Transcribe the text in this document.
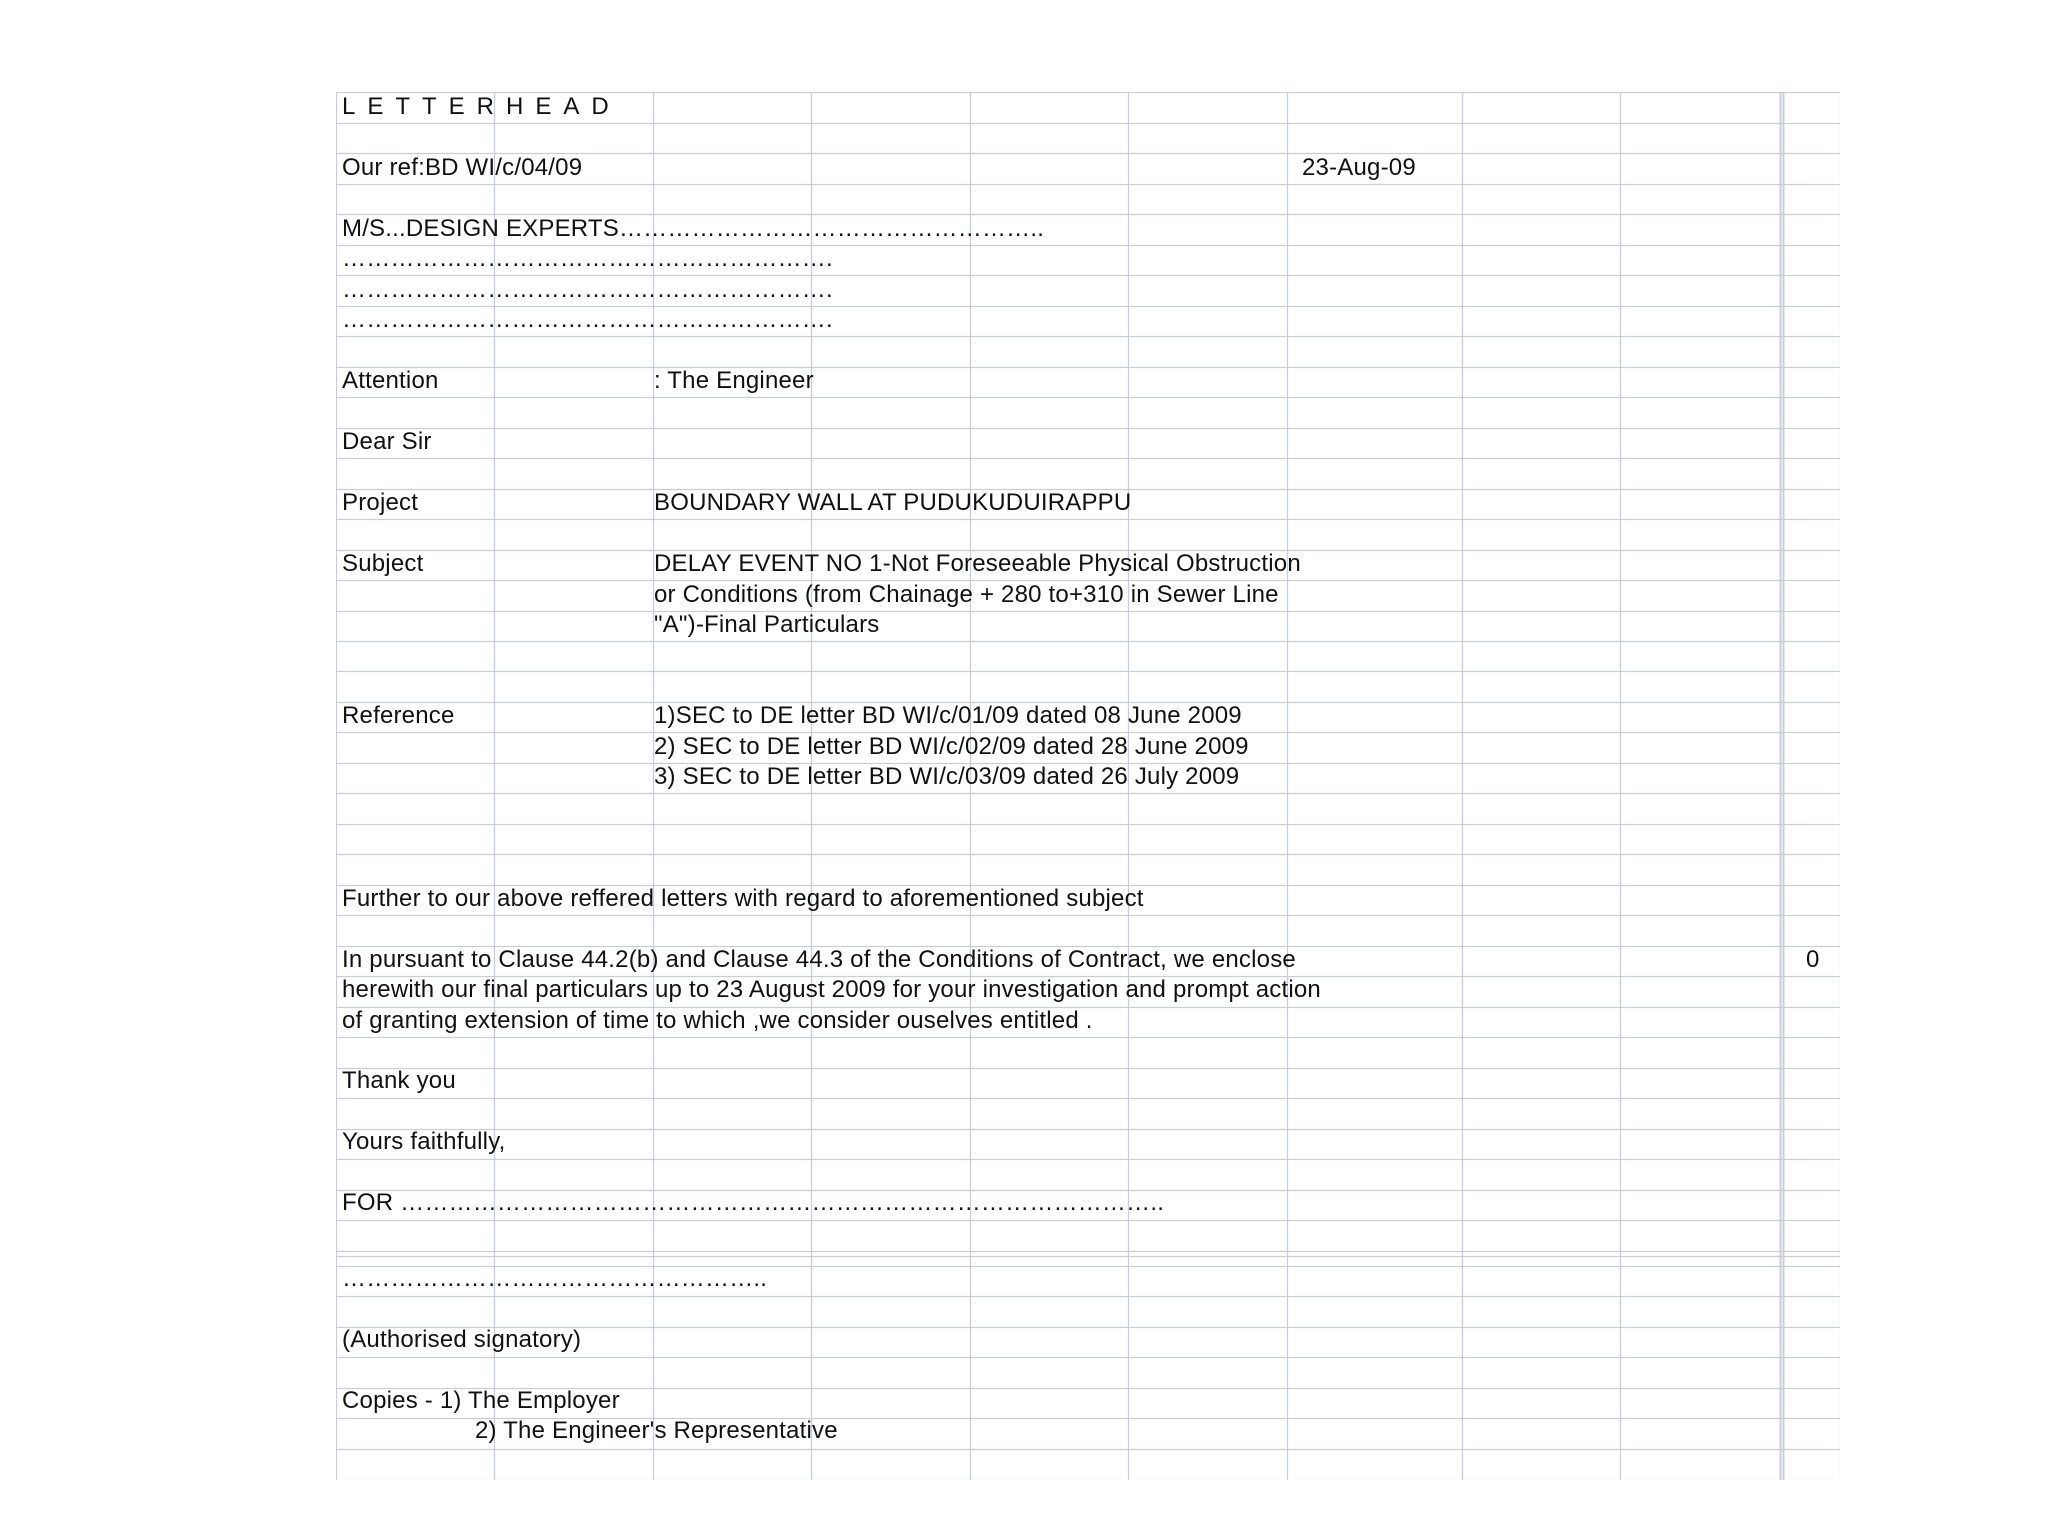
LETTERHEAD
Our ref:BD WI/c/04/09	23-Aug-09
M/S...DESIGN EXPERTS……………………………………………..
…………………………………………………….
…………………………………………………….
…………………………………………………….
Attention	: The Engineer
Dear Sir
Project	BOUNDARY WALL AT PUDUKUDUIRAPPU
Subject	DELAY EVENT NO 1-Not Foreseeable Physical Obstruction
or Conditions (from Chainage + 280 to+310 in Sewer Line
"A")-Final Particulars
Reference	1)SEC to DE letter BD WI/c/01/09 dated 08 June 2009
2) SEC to DE letter BD WI/c/02/09 dated 28 June 2009
3) SEC to DE letter BD WI/c/03/09 dated 26 July 2009
Further to our above reffered letters with regard to aforementioned subject
In pursuant to Clause 44.2(b) and Clause 44.3 of the Conditions of Contract, we enclose	0
herewith our final particulars up to 23 August 2009 for your investigation and prompt action
of granting extension of time to which ,we consider ouselves entitled .
Thank you
Yours faithfully,
FOR …………………………………………………………………………………..
……………………………………………..
(Authorised signatory)
Copies - 1) The Employer
2) The Engineer's Representative
